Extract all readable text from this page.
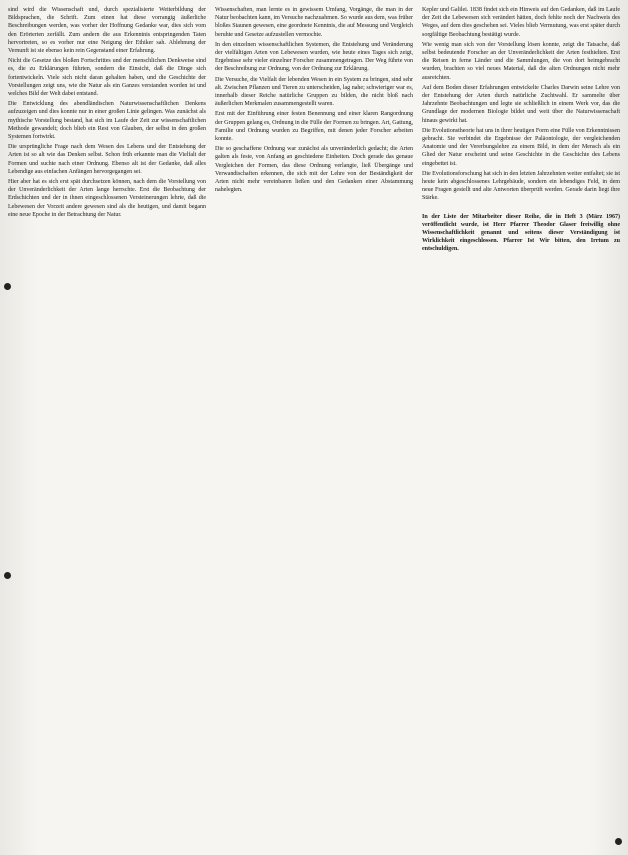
sind wird die Wissenschaft und, durch spezialisierte Weiterbildung der Bildsprachen, die Schrift. Zum einen hat diese vorrangig äußerliche Beschreibungen werden, was vorher der Hoffnung Gedanke war, dies sich vom den Erörterten zerfällt. Zum andern die aus Erkenntnis entspringenden Taten hervortreten, so es vorher nur eine Neigung der Ethiker sah. Ablehnung der Vernunft ist sie ebenso kein rein Gegenstand einer Erfahrung.

Nicht die Gesetze des bloßen Fortschrittes und der menschlichen Denkweise sind es, die zu Erklärungen führten, sondern die Einsicht, daß die Dinge sich fortentwickeln. Viele sich nicht daran gehalten haben, und die Geschichte der Vorstellungen zeigt uns, wie die Natur als ein Ganzes verstanden worden ist und welches Bild der Welt dabei entstand.

Die Entwicklung des abendländischen Naturwissenschaftlichen Denkens aufzuzeigen und dies konnte nur in einer großen Linie gelingen. Was zunächst als mythische Vorstellung bestand, hat sich im Laufe der Zeit zur wissenschaftlichen Methode gewandelt; doch blieb ein Rest von Glauben, der selbst in den großen Systemen fortwirkt.

Die ursprüngliche Frage nach dem Wesen des Lebens und der Entstehung der Arten ist so alt wie das Denken selbst. Schon früh erkannte man die Vielfalt der Formen und suchte nach einer Ordnung. Ebenso alt ist der Gedanke, daß alles Lebendige aus einfachen Anfängen hervorgegangen sei.

Hier aber hat es sich erst spät durchsetzen können, nach dem die Vorstellung von der Unveränderlichkeit der Arten lange herrschte. Erst die Beobachtung der Erdschichten und der in ihnen eingeschlossenen Versteinerungen lehrte, daß die Lebewesen der Vorzeit andere gewesen sind als die heutigen, und damit begann eine neue Epoche in der Betrachtung der Natur.

Wissenschaften, man lernte es in gewissem Umfang, Vorgänge, die man in der Natur beobachten kann, im Versuche nachzuahmen. So wurde aus dem, was früher bloßes Staunen gewesen, eine geordnete Kenntnis, die auf Messung und Vergleich beruhte und Gesetze aufzustellen vermochte.

In den einzelnen wissenschaftlichen Systemen, die Entstehung und Veränderung der vielfältigen Arten von Lebewesen wurden, wie heute eines Tages sich zeigt, Ergebnisse sehr vieler einzelner Forscher zusammengetragen. Der Weg führte von der Beschreibung zur Ordnung, von der Ordnung zur Erklärung.

Die Versuche, die Vielfalt der lebenden Wesen in ein System zu bringen, sind sehr alt. Zwischen Pflanzen und Tieren zu unterscheiden, lag nahe; schwieriger war es, innerhalb dieser Reiche natürliche Gruppen zu bilden, die nicht bloß nach äußerlichen Merkmalen zusammengestellt waren.

Erst mit der Einführung einer festen Benennung und einer klaren Rangordnung der Gruppen gelang es, Ordnung in die Fülle der Formen zu bringen. Art, Gattung, Familie und Ordnung wurden zu Begriffen, mit denen jeder Forscher arbeiten konnte.

Die so geschaffene Ordnung war zunächst als unveränderlich gedacht; die Arten galten als feste, von Anfang an geschiedene Einheiten. Doch gerade das genaue Vergleichen der Formen, das diese Ordnung verlangte, ließ Übergänge und Verwandtschaften erkennen, die sich mit der Lehre von der Beständigkeit der Arten nicht mehr vereinbaren ließen und den Gedanken einer Abstammung nahelegten.

Kepler und Galilei. 1838 findet sich ein Hinweis auf den Gedanken, daß im Laufe der Zeit die Lebewesen sich verändert hätten, doch fehlte noch der Nachweis des Weges, auf dem dies geschehen sei. Vieles blieb Vermutung, was erst später durch sorgfältige Beobachtung bestätigt wurde.

Wie wenig man sich von der Vorstellung lösen konnte, zeigt die Tatsache, daß selbst bedeutende Forscher an der Unveränderlichkeit der Arten festhielten. Erst die Reisen in ferne Länder und die Sammlungen, die von dort heimgebracht wurden, brachten so viel neues Material, daß die alten Ordnungen nicht mehr ausreichten.

Auf dem Boden dieser Erfahrungen entwickelte Charles Darwin seine Lehre von der Entstehung der Arten durch natürliche Zuchtwahl. Er sammelte über Jahrzehnte Beobachtungen und legte sie schließlich in einem Werk vor, das die Grundlage der modernen Biologie bildet und weit über die Naturwissenschaft hinaus gewirkt hat.

Die Evolutionstheorie hat uns in ihrer heutigen Form eine Fülle von Erkenntnissen gebracht. Sie verbindet die Ergebnisse der Paläontologie, der vergleichenden Anatomie und der Vererbungslehre zu einem Bild, in dem der Mensch als ein Glied der Natur erscheint und seine Geschichte in die Geschichte des Lebens eingebettet ist.

Die Evolutionsforschung hat sich in den letzten Jahrzehnten weiter entfaltet; sie ist heute kein abgeschlossenes Lehrgebäude, sondern ein lebendiges Feld, in dem neue Fragen gestellt und alte Antworten überprüft werden. Gerade darin liegt ihre Stärke.

In der Liste der Mitarbeiter dieser Reihe, die in Heft 3 (März 1967) veröffentlicht wurde, ist Herr Pfarrer Theodor Glaser freiwillig ohne Wissenschaftlichkeit genannt und seitens dieser Verständigung ist Wirklichkeit eingeschlossen. Pfarrer Ist Wir bitten, den Irrtum zu entschuldigen.
